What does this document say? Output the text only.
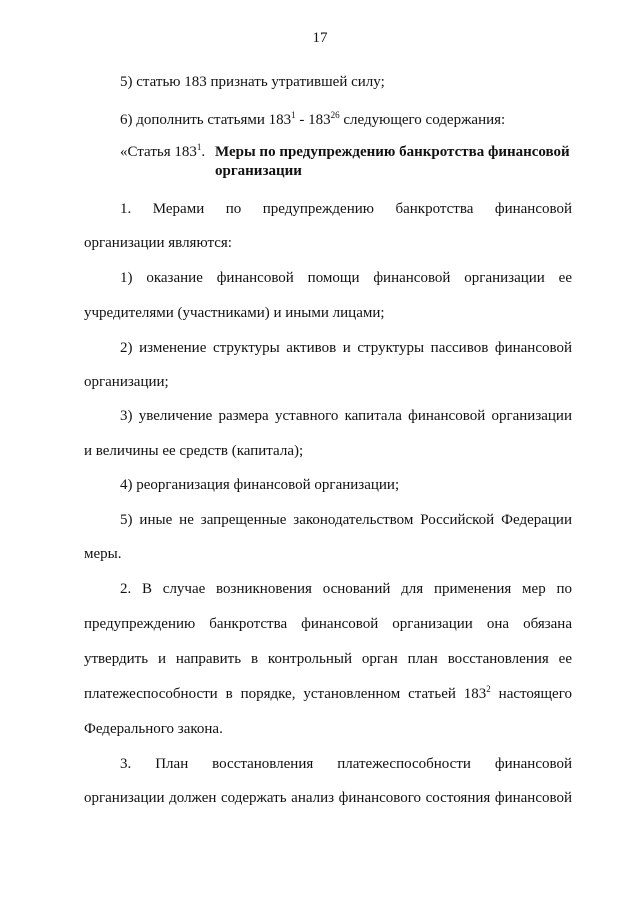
17
5) статью 183 признать утратившей силу;
6) дополнить статьями $183^1 - 183^{26}$ следующего содержания:
«Статья $183^1$. Меры по предупреждению банкротства финансовой организации
1. Мерами по предупреждению банкротства финансовой
организации являются:
1) оказание финансовой помощи финансовой организации ее
учредителями (участниками) и иными лицами;
2) изменение структуры активов и структуры пассивов финансовой
организации;
3) увеличение размера уставного капитала финансовой организации
и величины ее средств (капитала);
4) реорганизация финансовой организации;
5) иные не запрещенные законодательством Российской Федерации
меры.
2. В случае возникновения оснований для применения мер по
предупреждению банкротства финансовой организации она обязана
утвердить и направить в контрольный орган план восстановления ее
платежеспособности в порядке, установленном статьей $183^2$ настоящего
Федерального закона.
3. План восстановления платежеспособности финансовой
организации должен содержать анализ финансового состояния финансовой
